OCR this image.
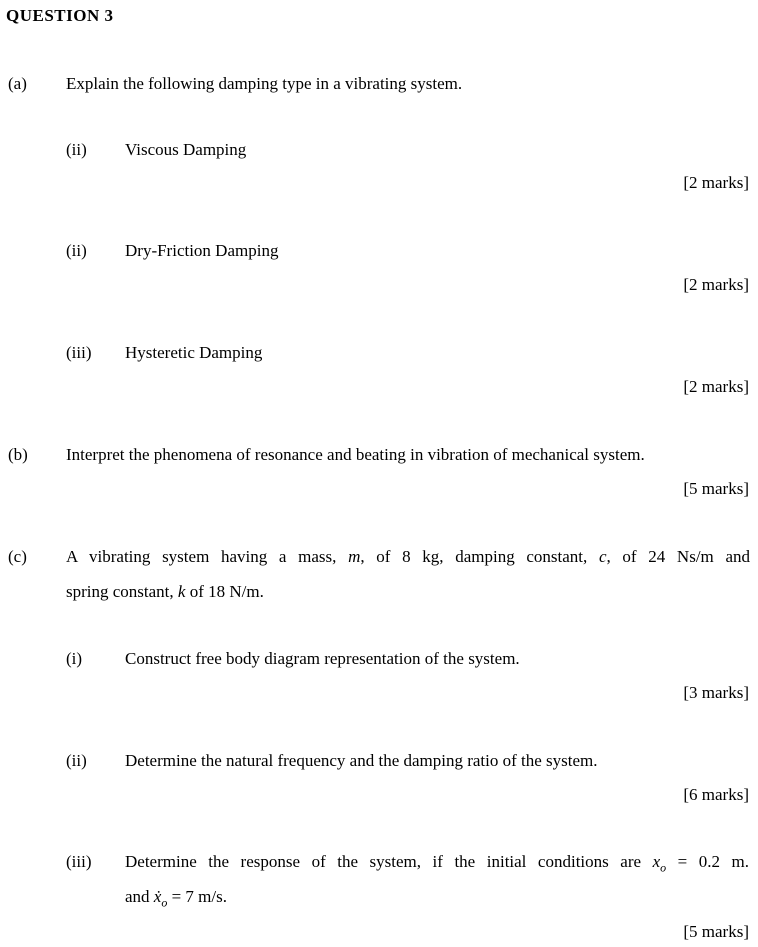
QUESTION 3
(a) Explain the following damping type in a vibrating system.
(ii) Viscous Damping
[2 marks]
(ii) Dry-Friction Damping
[2 marks]
(iii) Hysteretic Damping
[2 marks]
(b) Interpret the phenomena of resonance and beating in vibration of mechanical system.
[5 marks]
(c) A vibrating system having a mass, m, of 8 kg, damping constant, c, of 24 Ns/m and
spring constant, k of 18 N/m.
(i)	Construct free body diagram representation of the system.
[3 marks]
(ii) Determine the natural frequency and the damping ratio of the system.
[6 marks]
(iii) Determine the response of the system, if the initial conditions are $x_o = 0.2$ m.
and ẋ$_o$ = 7 m/s.
[5 marks]
